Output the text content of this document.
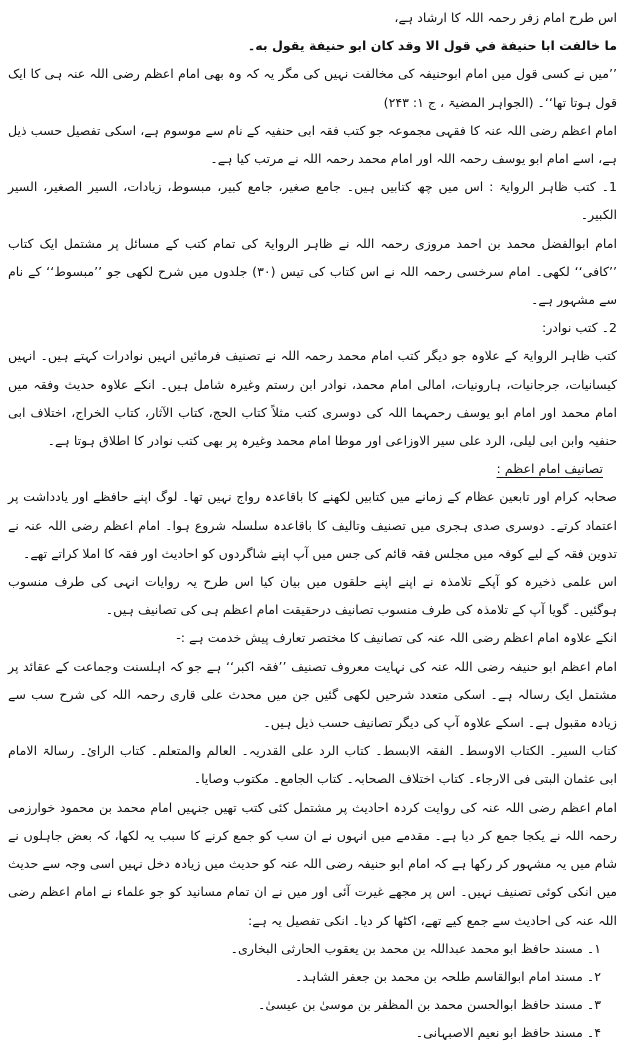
اس طرح امام زفر رحمہ اللہ کا ارشاد ہے،

ما خالفت ابا حنيفة في قول الا وقد كان ابو حنيفة يقول به۔

’’میں نے کسی قول میں امام ابوحنیفہ کی مخالفت نہیں کی مگر یہ کہ وہ بھی امام اعظم رضی اللہ عنہ ہی کا ایک قول ہوتا تھا‘‘۔ (الجواہر المضیۃ ، ج ۱: ۲۴۳)

امام اعظم رضی اللہ عنہ کا فقہی مجموعہ جو کتب فقہ ابی حنفیہ کے نام سے موسوم ہے، اسکی تفصیل حسب ذیل ہے، اسے امام ابو یوسف رحمہ اللہ اور امام محمد رحمہ اللہ نے مرتب کیا ہے۔

1۔ کتب ظاہر الروایۃ : اس میں چھ کتابیں ہیں۔ جامع صغیر، جامع کبیر، مبسوط، زیادات، السیر الصغیر، السیر الکبیر۔

امام ابوالفضل محمد بن احمد مروزی رحمہ اللہ نے ظاہر الروایۃ کی تمام کتب کے مسائل پر مشتمل ایک کتاب ’’کافی‘‘ لکھی۔ امام سرخسی رحمہ اللہ نے اس کتاب کی تیس (۳۰) جلدوں میں شرح لکھی جو ’’مبسوط‘‘ کے نام سے مشہور ہے۔

2۔ کتب نوادر:

کتب ظاہر الروایۃ کے علاوہ جو دیگر کتب امام محمد رحمہ اللہ نے تصنیف فرمائیں انہیں نوادرات کہتے ہیں۔ انہیں کیسانیات، جرجانیات، ہارونیات، امالی امام محمد، نوادر ابن رستم وغیرہ شامل ہیں۔ انکے علاوہ حدیث وفقہ میں امام محمد اور امام ابو یوسف رحمہما اللہ کی دوسری کتب مثلاً کتاب الحج، کتاب الآثار، کتاب الخراج، اختلاف ابی حنفیہ وابن ابی لیلی، الرد علی سیر الاوزاعی اور موطا امام محمد وغیرہ پر بھی کتب نوادر کا اطلاق ہوتا ہے۔

تصانیف امام اعظم :

صحابہ کرام اور تابعین عظام کے زمانے میں کتابیں لکھنے کا باقاعدہ رواج نہیں تھا۔ لوگ اپنے حافظے اور یادداشت پر اعتماد کرتے۔ دوسری صدی ہجری میں تصنیف وتالیف کا باقاعدہ سلسلہ شروع ہوا۔ امام اعظم رضی اللہ عنہ نے تدوین فقہ کے لیے کوفہ میں مجلس فقہ قائم کی جس میں آپ اپنے شاگردوں کو احادیث اور فقہ کا املا کراتے تھے۔

اس علمی ذخیرہ کو آپکے تلامذہ نے اپنے اپنے حلقوں میں بیان کیا اس طرح یہ روایات انہی کی طرف منسوب ہوگئیں۔ گویا آپ کے تلامذہ کی طرف منسوب تصانیف درحقیقت امام اعظم ہی کی تصانیف ہیں۔

انکے علاوہ امام اعظم رضی اللہ عنہ کی تصانیف کا مختصر تعارف پیش خدمت ہے :-

امام اعظم ابو حنیفہ رضی اللہ عنہ کی نہایت معروف تصنیف ’’فقہ اکبر‘‘ ہے جو کہ اہلسنت وجماعت کے عقائد پر مشتمل ایک رسالہ ہے۔ اسکی متعدد شرحیں لکھی گئیں جن میں محدث علی قاری رحمہ اللہ کی شرح سب سے زیادہ مقبول ہے۔ اسکے علاوہ آپ کی دیگر تصانیف حسب ذیل ہیں۔

کتاب السیر۔ الکتاب الاوسط۔ الفقہ الابسط۔ کتاب الرد علی القدریہ۔ العالم والمتعلم۔ کتاب الرائ۔ رسالۃ الامام ابی عثمان البتی فی الارجاء۔ کتاب اختلاف الصحابہ۔ کتاب الجامع۔ مکتوب وصایا۔

امام اعظم رضی اللہ عنہ کی روایت کردہ احادیث پر مشتمل کئی کتب تھیں جنہیں امام محمد بن محمود خوارزمی رحمہ اللہ نے یکجا جمع کر دیا ہے۔ مقدمے میں انہوں نے ان سب کو جمع کرنے کا سبب یہ لکھا، کہ بعض جاہلوں نے شام میں یہ مشہور کر رکھا ہے کہ امام ابو حنیفہ رضی اللہ عنہ کو حدیث میں زیادہ دخل نہیں اسی وجہ سے حدیث میں انکی کوئی تصنیف نہیں۔ اس پر مجھے غیرت آئی اور میں نے ان تمام مسانید کو جو علماء نے امام اعظم رضی اللہ عنہ کی احادیث سے جمع کیے تھے، اکٹھا کر دیا۔ انکی تفصیل یہ ہے:

۱۔ مسند حافظ ابو محمد عبداللہ بن محمد بن یعقوب الحارثی البخاری۔

۲۔ مسند امام ابوالقاسم طلحہ بن محمد بن جعفر الشاہد۔

۳۔ مسند حافظ ابوالحسن محمد بن المظفر بن موسیٰ بن عیسیٰ۔

۴۔ مسند حافظ ابو نعیم الاصبہانی۔
